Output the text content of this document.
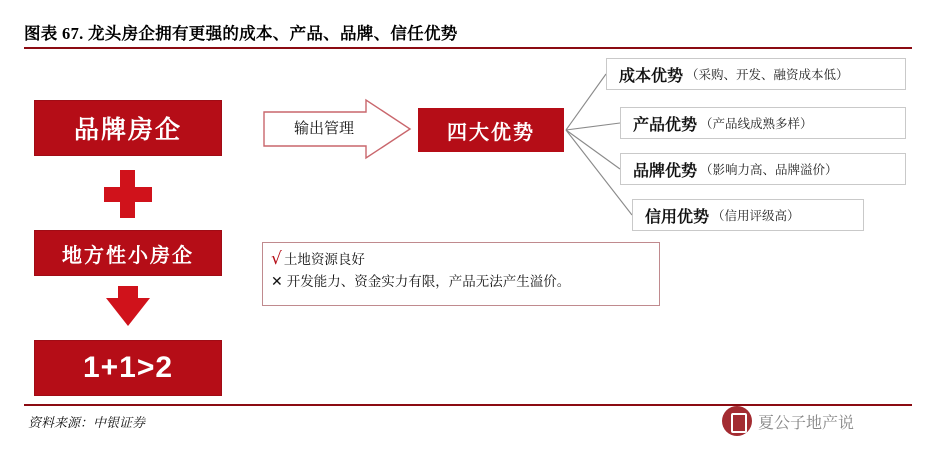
图表 67. 龙头房企拥有更强的成本、产品、品牌、信任优势
品牌房企
地方性小房企
1+1>2
输出管理	四大优势
成本优势 （采购、开发、融资成本低）
产品优势 （产品线成熟多样）
品牌优势 （影响力高、品牌溢价）
信用优势 （信用评级高）
√ 土地资源良好
✕ 开发能力、资金实力有限，产品无法产生溢价。
资料来源：中银证券	夏公子地产说
